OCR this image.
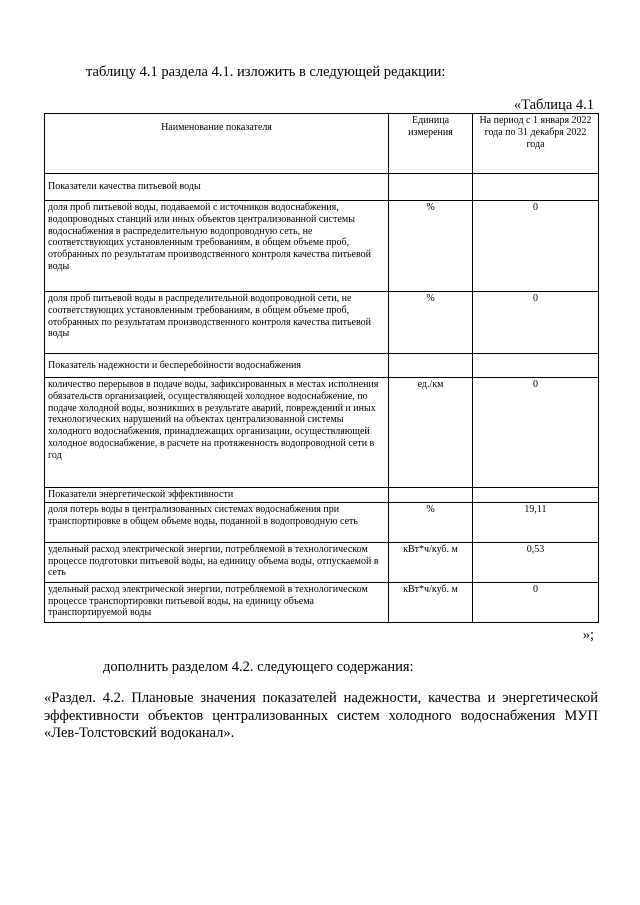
таблицу 4.1 раздела 4.1. изложить в следующей редакции:
«Таблица 4.1
Наименование показателя	Единица измерения	На период с 1 января 2022 года по 31 декабря 2022 года
Показатели качества питьевой воды		
доля проб питьевой воды, подаваемой с источников водоснабжения, водопроводных станций или иных объектов централизованной системы водоснабжения в распределительную водопроводную сеть, не соответствующих установленным требованиям, в общем объеме проб, отобранных по результатам производственного контроля качества питьевой воды	%	0
доля проб питьевой воды в распределительной водопроводной сети, не соответствующих установленным требованиям, в общем объеме проб, отобранных по результатам производственного контроля качества питьевой воды	%	0
Показатель надежности и бесперебойности водоснабжения		
количество перерывов в подаче воды, зафиксированных в местах исполнения обязательств организацией, осуществляющей холодное водоснабжение, по подаче холодной воды, возникших в результате аварий, повреждений и иных технологических нарушений на объектах централизованной системы холодного водоснабжения, принадлежащих организации, осуществляющей холодное водоснабжение, в расчете на протяженность водопроводной сети в год	ед./км	0
Показатели энергетической эффективности		
доля потерь воды в централизованных системах водоснабжения при транспортировке в общем объеме воды, поданной в водопроводную сеть	%	19,11
удельный расход электрической энергии, потребляемой в технологическом процессе подготовки питьевой воды, на единицу объема воды, отпускаемой в сеть	кВт*ч/куб. м	0,53
удельный расход электрической энергии, потребляемой в технологическом процессе транспортировки питьевой воды, на единицу объема транспортируемой воды	кВт*ч/куб. м	0
»;
дополнить разделом 4.2. следующего содержания:
«Раздел. 4.2. Плановые значения показателей надежности, качества и энергетической эффективности объектов централизованных систем холодного водоснабжения МУП «Лев-Толстовский водоканал».
